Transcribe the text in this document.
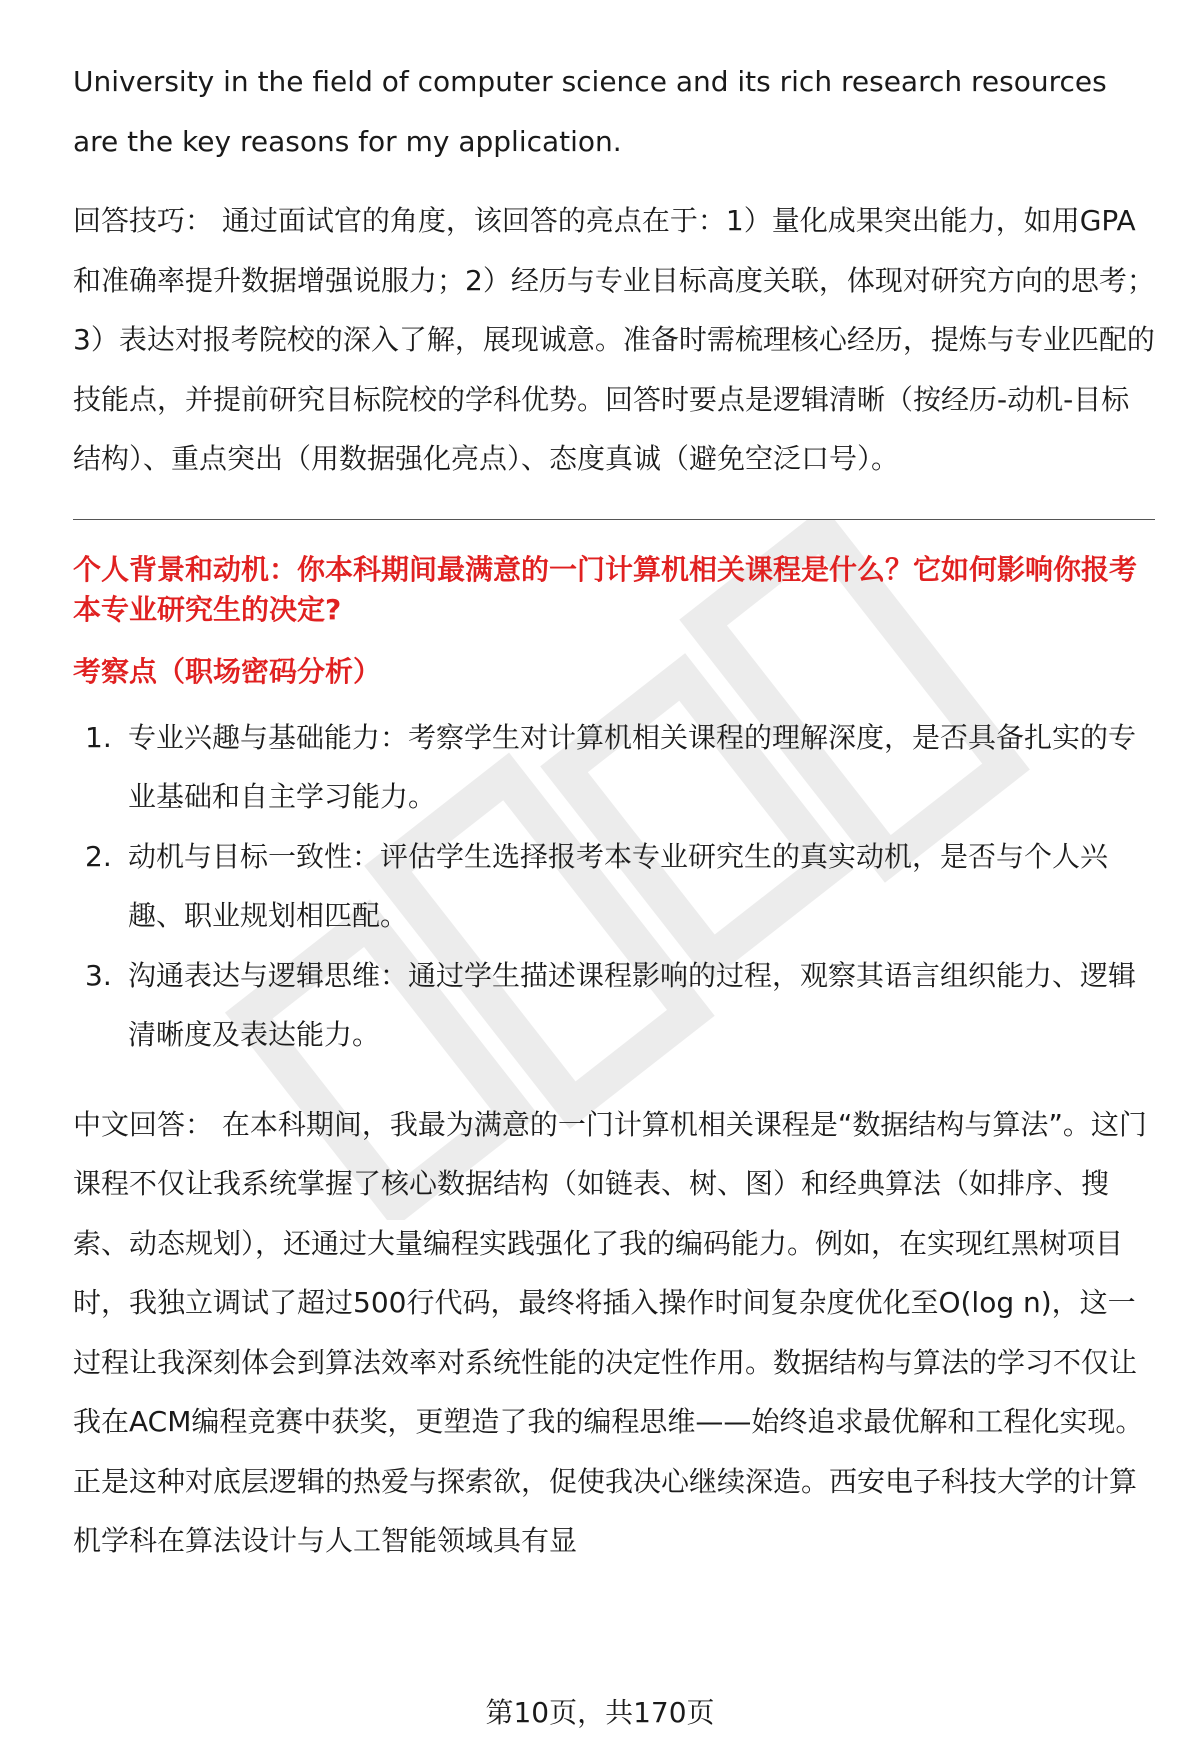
University in the field of computer science and its rich research resources are the key reasons for my application.

回答技巧： 通过面试官的角度，该回答的亮点在于：1）量化成果突出能力，如用GPA和准确率提升数据增强说服力；2）经历与专业目标高度关联，体现对研究方向的思考；3）表达对报考院校的深入了解，展现诚意。准备时需梳理核心经历，提炼与专业匹配的技能点，并提前研究目标院校的学科优势。回答时要点是逻辑清晰（按经历-动机-目标结构）、重点突出（用数据强化亮点）、态度真诚（避免空泛口号）。

个人背景和动机：你本科期间最满意的一门计算机相关课程是什么？它如何影响你报考本专业研究生的决定?

考察点（职场密码分析）

1. 专业兴趣与基础能力：考察学生对计算机相关课程的理解深度，是否具备扎实的专业基础和自主学习能力。
2. 动机与目标一致性：评估学生选择报考本专业研究生的真实动机，是否与个人兴趣、职业规划相匹配。
3. 沟通表达与逻辑思维：通过学生描述课程影响的过程，观察其语言组织能力、逻辑清晰度及表达能力。

中文回答： 在本科期间，我最为满意的一门计算机相关课程是“数据结构与算法”。这门课程不仅让我系统掌握了核心数据结构（如链表、树、图）和经典算法（如排序、搜索、动态规划），还通过大量编程实践强化了我的编码能力。例如，在实现红黑树项目时，我独立调试了超过500行代码，最终将插入操作时间复杂度优化至O(log n)，这一过程让我深刻体会到算法效率对系统性能的决定性作用。数据结构与算法的学习不仅让我在ACM编程竞赛中获奖，更塑造了我的编程思维——始终追求最优解和工程化实现。正是这种对底层逻辑的热爱与探索欲，促使我决心继续深造。西安电子科技大学的计算机学科在算法设计与人工智能领域具有显

第10页，共170页
